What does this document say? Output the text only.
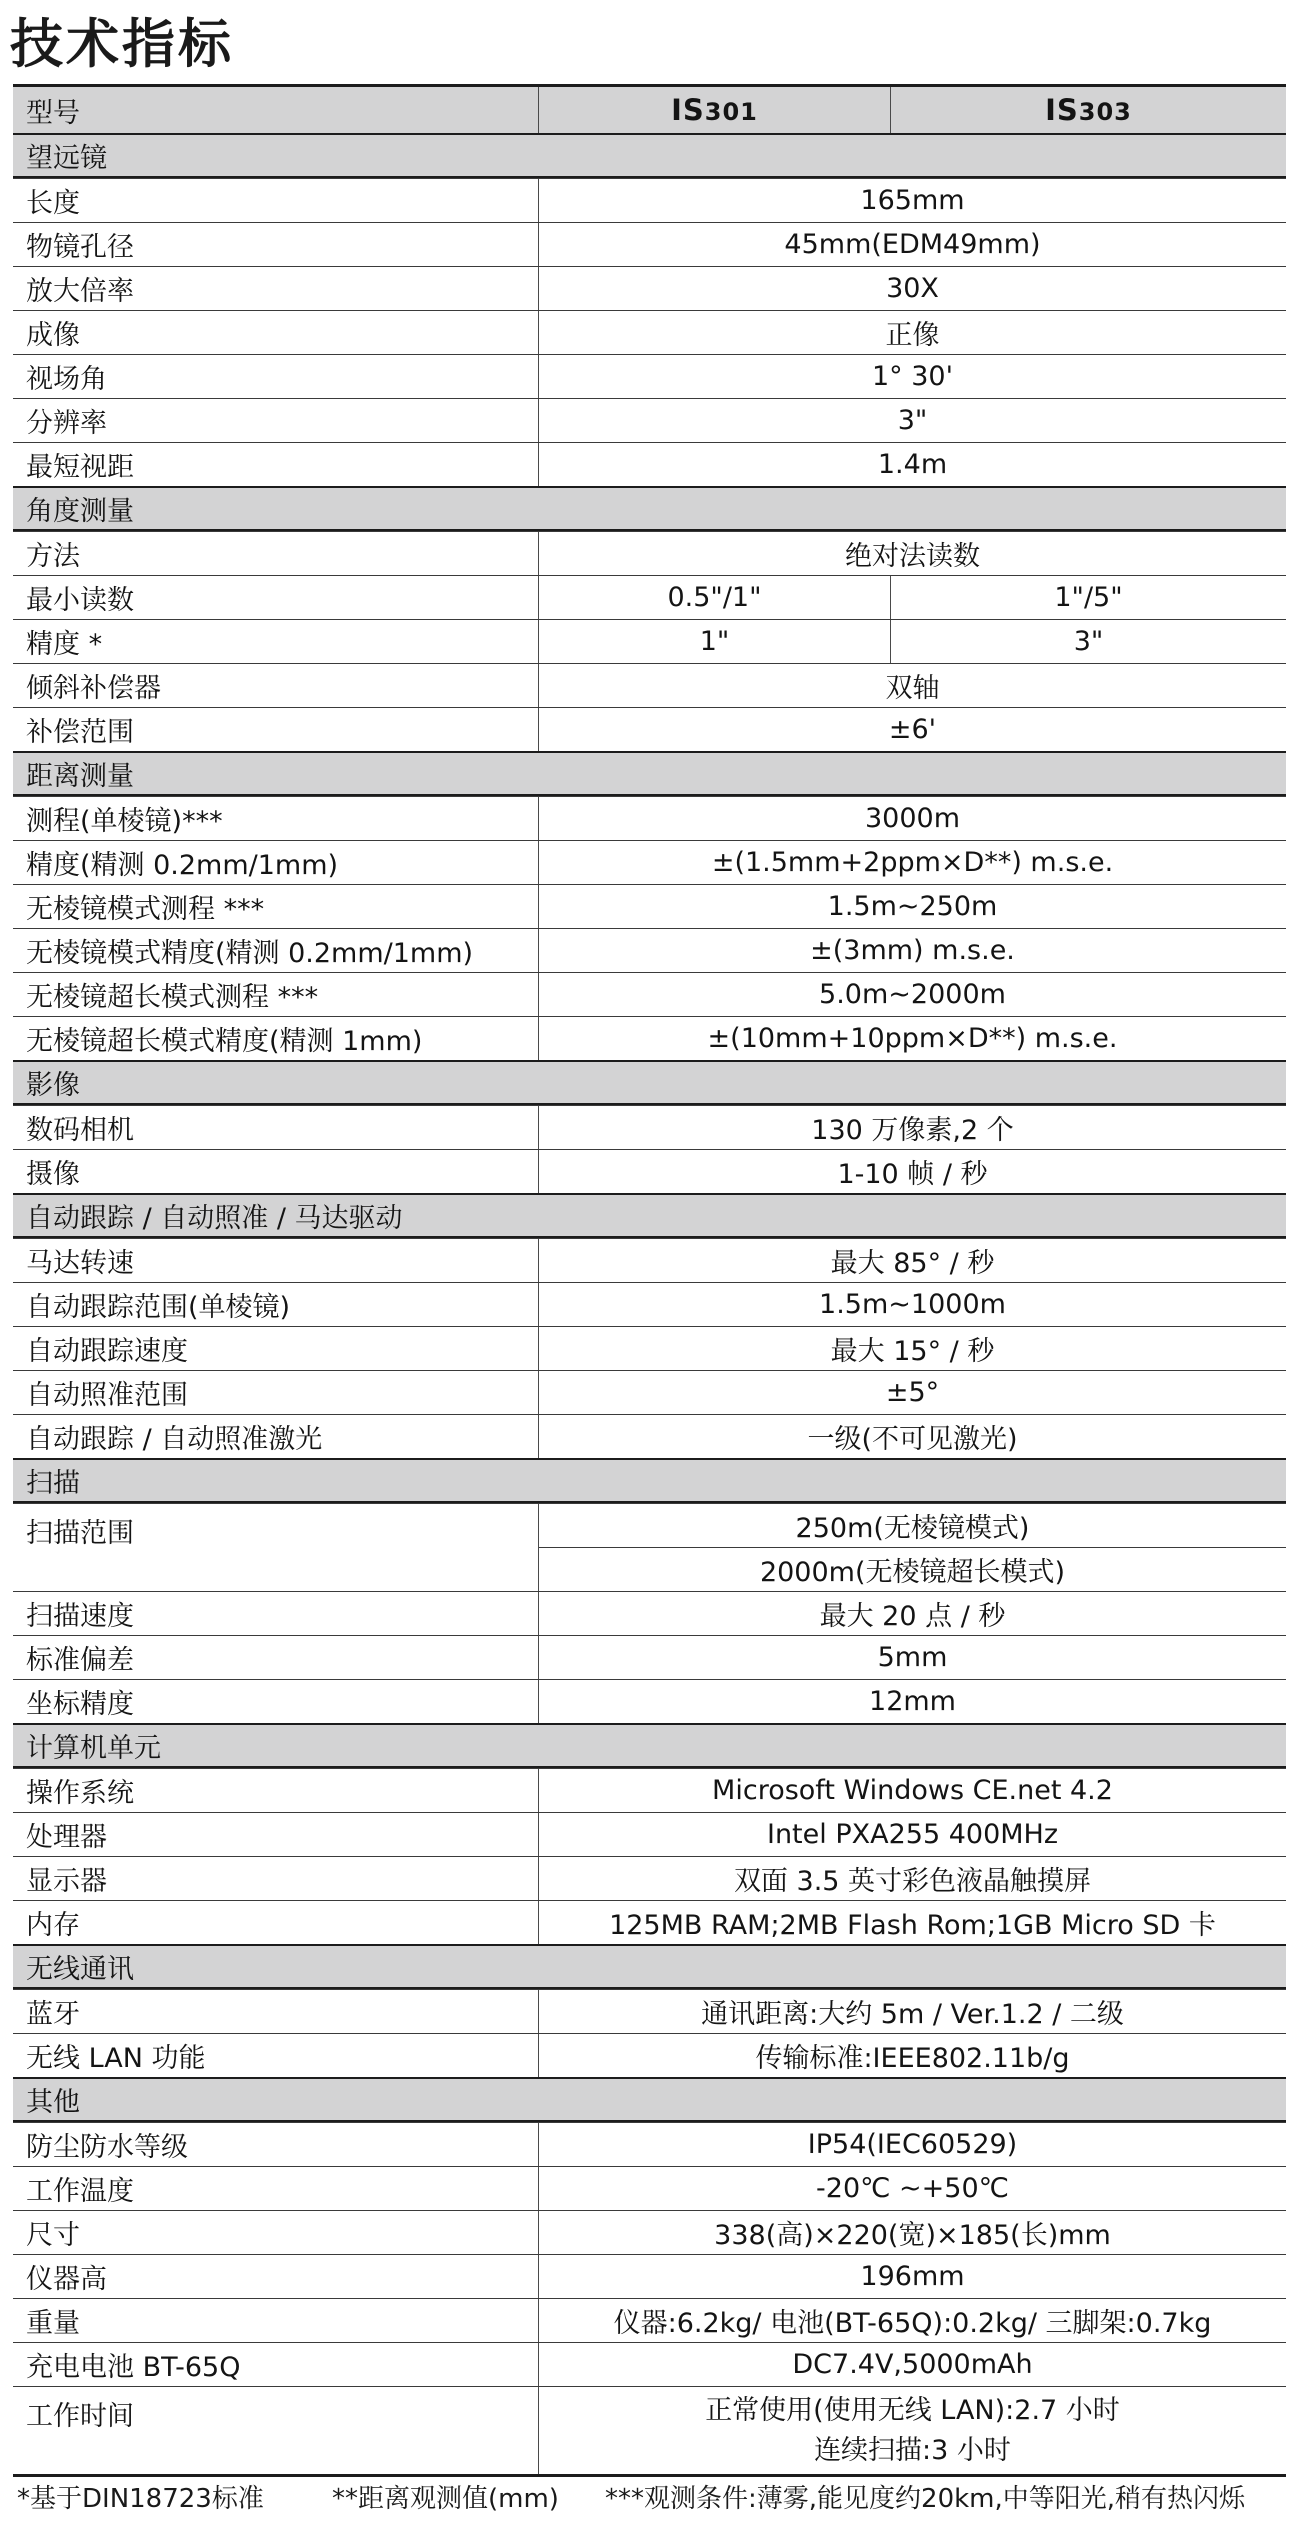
技术指标
型号	IS301	IS303
望远镜
长度	165mm
物镜孔径	45mm(EDM49mm)
放大倍率	30X
成像	正像
视场角	1° 30'
分辨率	3"
最短视距	1.4m
角度测量
方法	绝对法读数
最小读数	0.5"/1"	1"/5"
精度 *	1"	3"
倾斜补偿器	双轴
补偿范围	±6'
距离测量
测程(单棱镜)***	3000m
精度(精测 0.2mm/1mm)	±(1.5mm+2ppm×D**) m.s.e.
无棱镜模式测程 ***	1.5m~250m
无棱镜模式精度(精测 0.2mm/1mm)	±(3mm) m.s.e.
无棱镜超长模式测程 ***	5.0m~2000m
无棱镜超长模式精度(精测 1mm)	±(10mm+10ppm×D**) m.s.e.
影像
数码相机	130 万像素,2 个
摄像	1-10 帧 / 秒
自动跟踪 / 自动照准 / 马达驱动
马达转速	最大 85° / 秒
自动跟踪范围(单棱镜)	1.5m~1000m
自动跟踪速度	最大 15° / 秒
自动照准范围	±5°
自动跟踪 / 自动照准激光	一级(不可见激光)
扫描
扫描范围	250m(无棱镜模式)
2000m(无棱镜超长模式)
扫描速度	最大 20 点 / 秒
标准偏差	5mm
坐标精度	12mm
计算机单元
操作系统	Microsoft Windows CE.net 4.2
处理器	Intel PXA255 400MHz
显示器	双面 3.5 英寸彩色液晶触摸屏
内存	125MB RAM;2MB Flash Rom;1GB Micro SD 卡
无线通讯
蓝牙	通讯距离:大约 5m / Ver.1.2 / 二级
无线 LAN 功能	传输标准:IEEE802.11b/g
其他
防尘防水等级	IP54(IEC60529)
工作温度	-20℃ ~+50℃
尺寸	338(高)×220(宽)×185(长)mm
仪器高	196mm
重量	仪器:6.2kg/ 电池(BT-65Q):0.2kg/ 三脚架:0.7kg
充电电池 BT-65Q	DC7.4V,5000mAh
工作时间	正常使用(使用无线 LAN):2.7 小时
连续扫描:3 小时
*基于DIN18723标准	**距离观测值(mm) ***观测条件:薄雾,能见度约20km,中等阳光,稍有热闪烁
